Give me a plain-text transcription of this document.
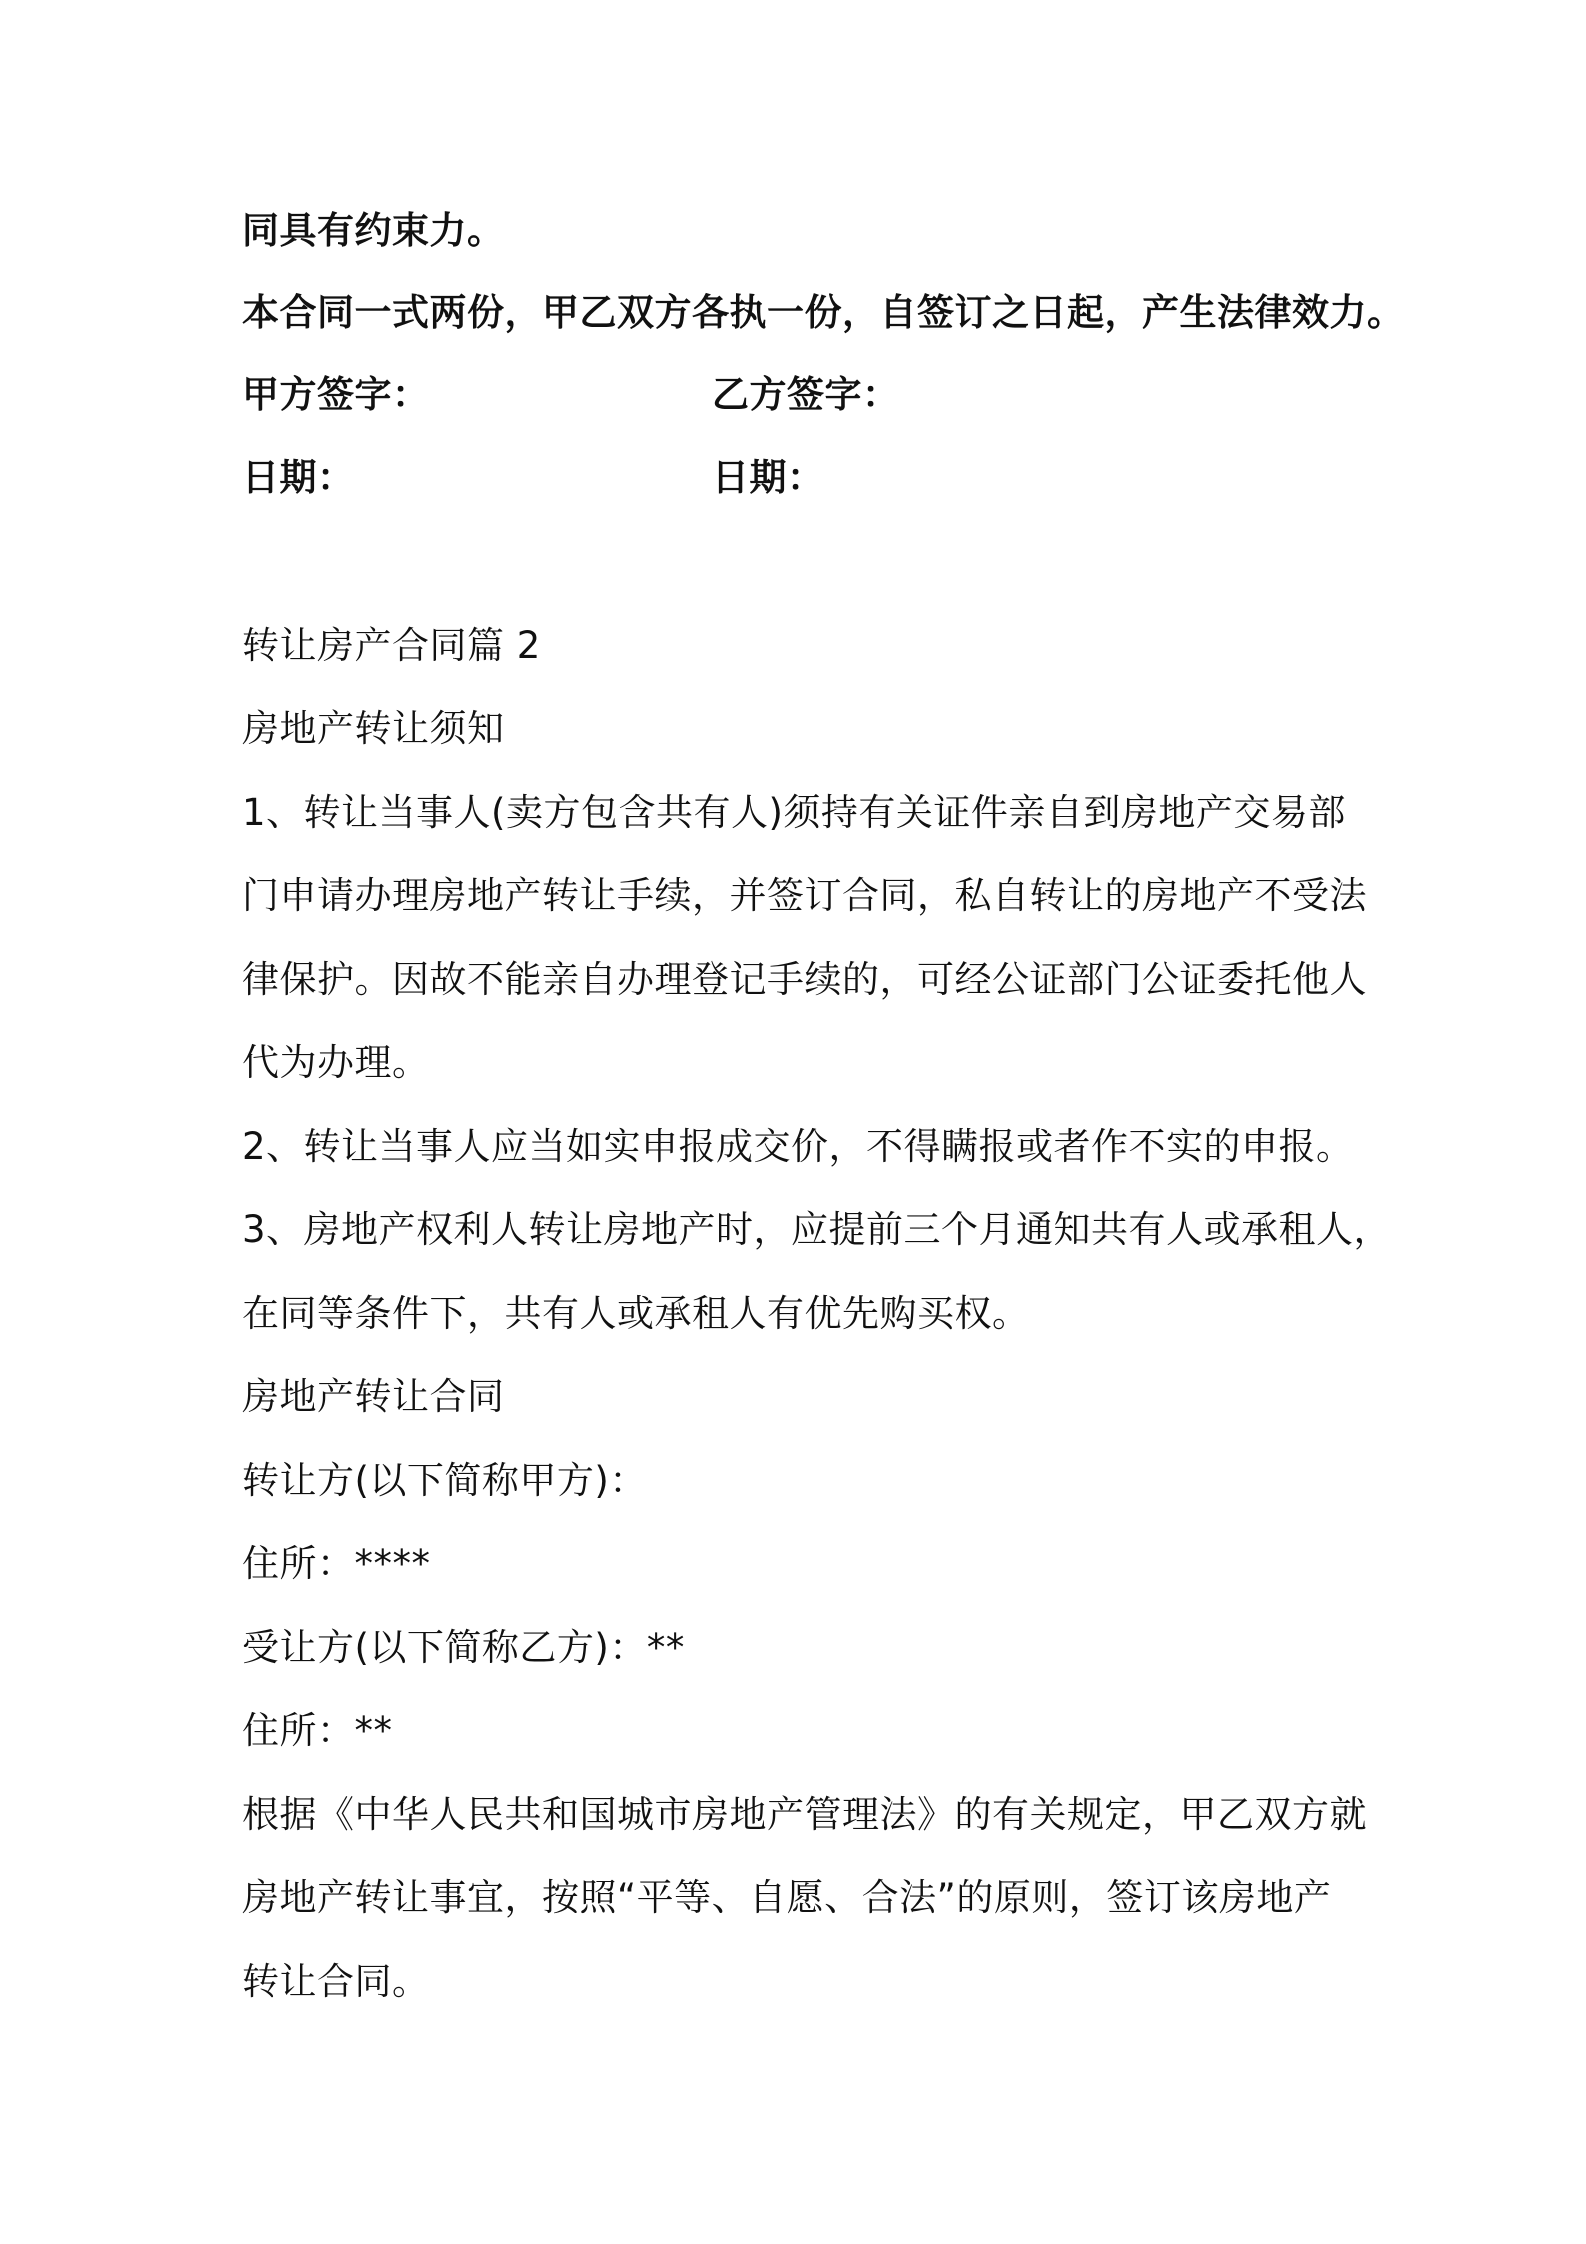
同具有约束力。
本合同一式两份，甲乙双方各执一份，自签订之日起，产生法律效力。
甲方签字：	乙方签字：
日期：	日期：
转让房产合同篇 2
房地产转让须知
1、转让当事人(卖方包含共有人)须持有关证件亲自到房地产交易部
门申请办理房地产转让手续，并签订合同，私自转让的房地产不受法
律保护。因故不能亲自办理登记手续的，可经公证部门公证委托他人
代为办理。
2、转让当事人应当如实申报成交价，不得瞒报或者作不实的申报。
3、房地产权利人转让房地产时，应提前三个月通知共有人或承租人，
在同等条件下，共有人或承租人有优先购买权。
房地产转让合同
转让方(以下简称甲方)：
住所：****
受让方(以下简称乙方)：**
住所：**
根据《中华人民共和国城市房地产管理法》的有关规定，甲乙双方就
房地产转让事宜，按照“平等、自愿、合法”的原则，签订该房地产
转让合同。
